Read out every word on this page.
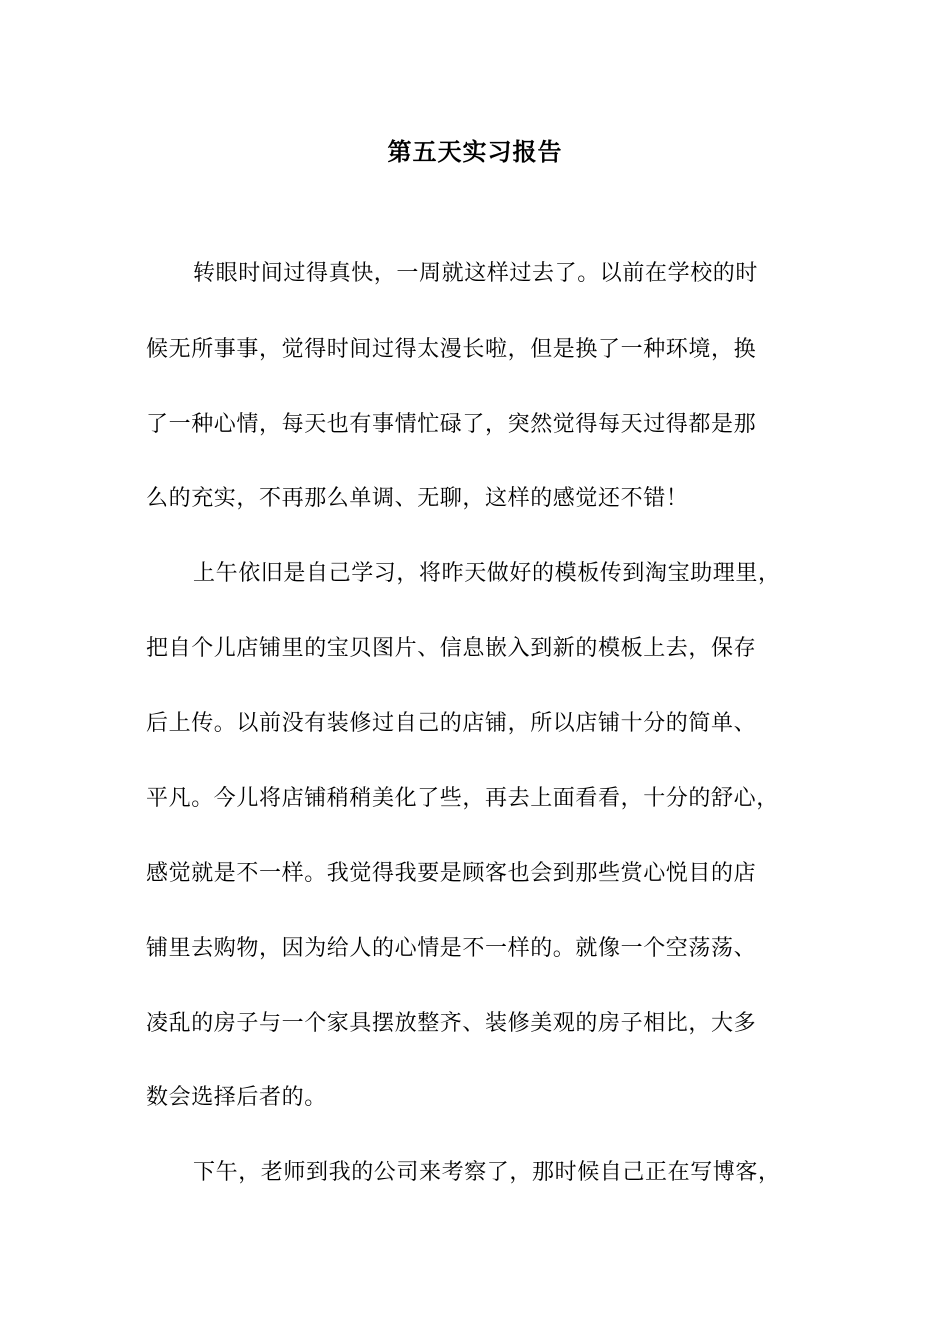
第五天实习报告
转眼时间过得真快，一周就这样过去了。以前在学校的时
候无所事事，觉得时间过得太漫长啦，但是换了一种环境，换
了一种心情，每天也有事情忙碌了，突然觉得每天过得都是那
么的充实，不再那么单调、无聊，这样的感觉还不错！
上午依旧是自己学习，将昨天做好的模板传到淘宝助理里，
把自个儿店铺里的宝贝图片、信息嵌入到新的模板上去，保存
后上传。以前没有装修过自己的店铺，所以店铺十分的简单、
平凡。今儿将店铺稍稍美化了些，再去上面看看，十分的舒心，
感觉就是不一样。我觉得我要是顾客也会到那些赏心悦目的店
铺里去购物，因为给人的心情是不一样的。就像一个空荡荡、
凌乱的房子与一个家具摆放整齐、装修美观的房子相比，大多
数会选择后者的。
下午，老师到我的公司来考察了，那时候自己正在写博客，
